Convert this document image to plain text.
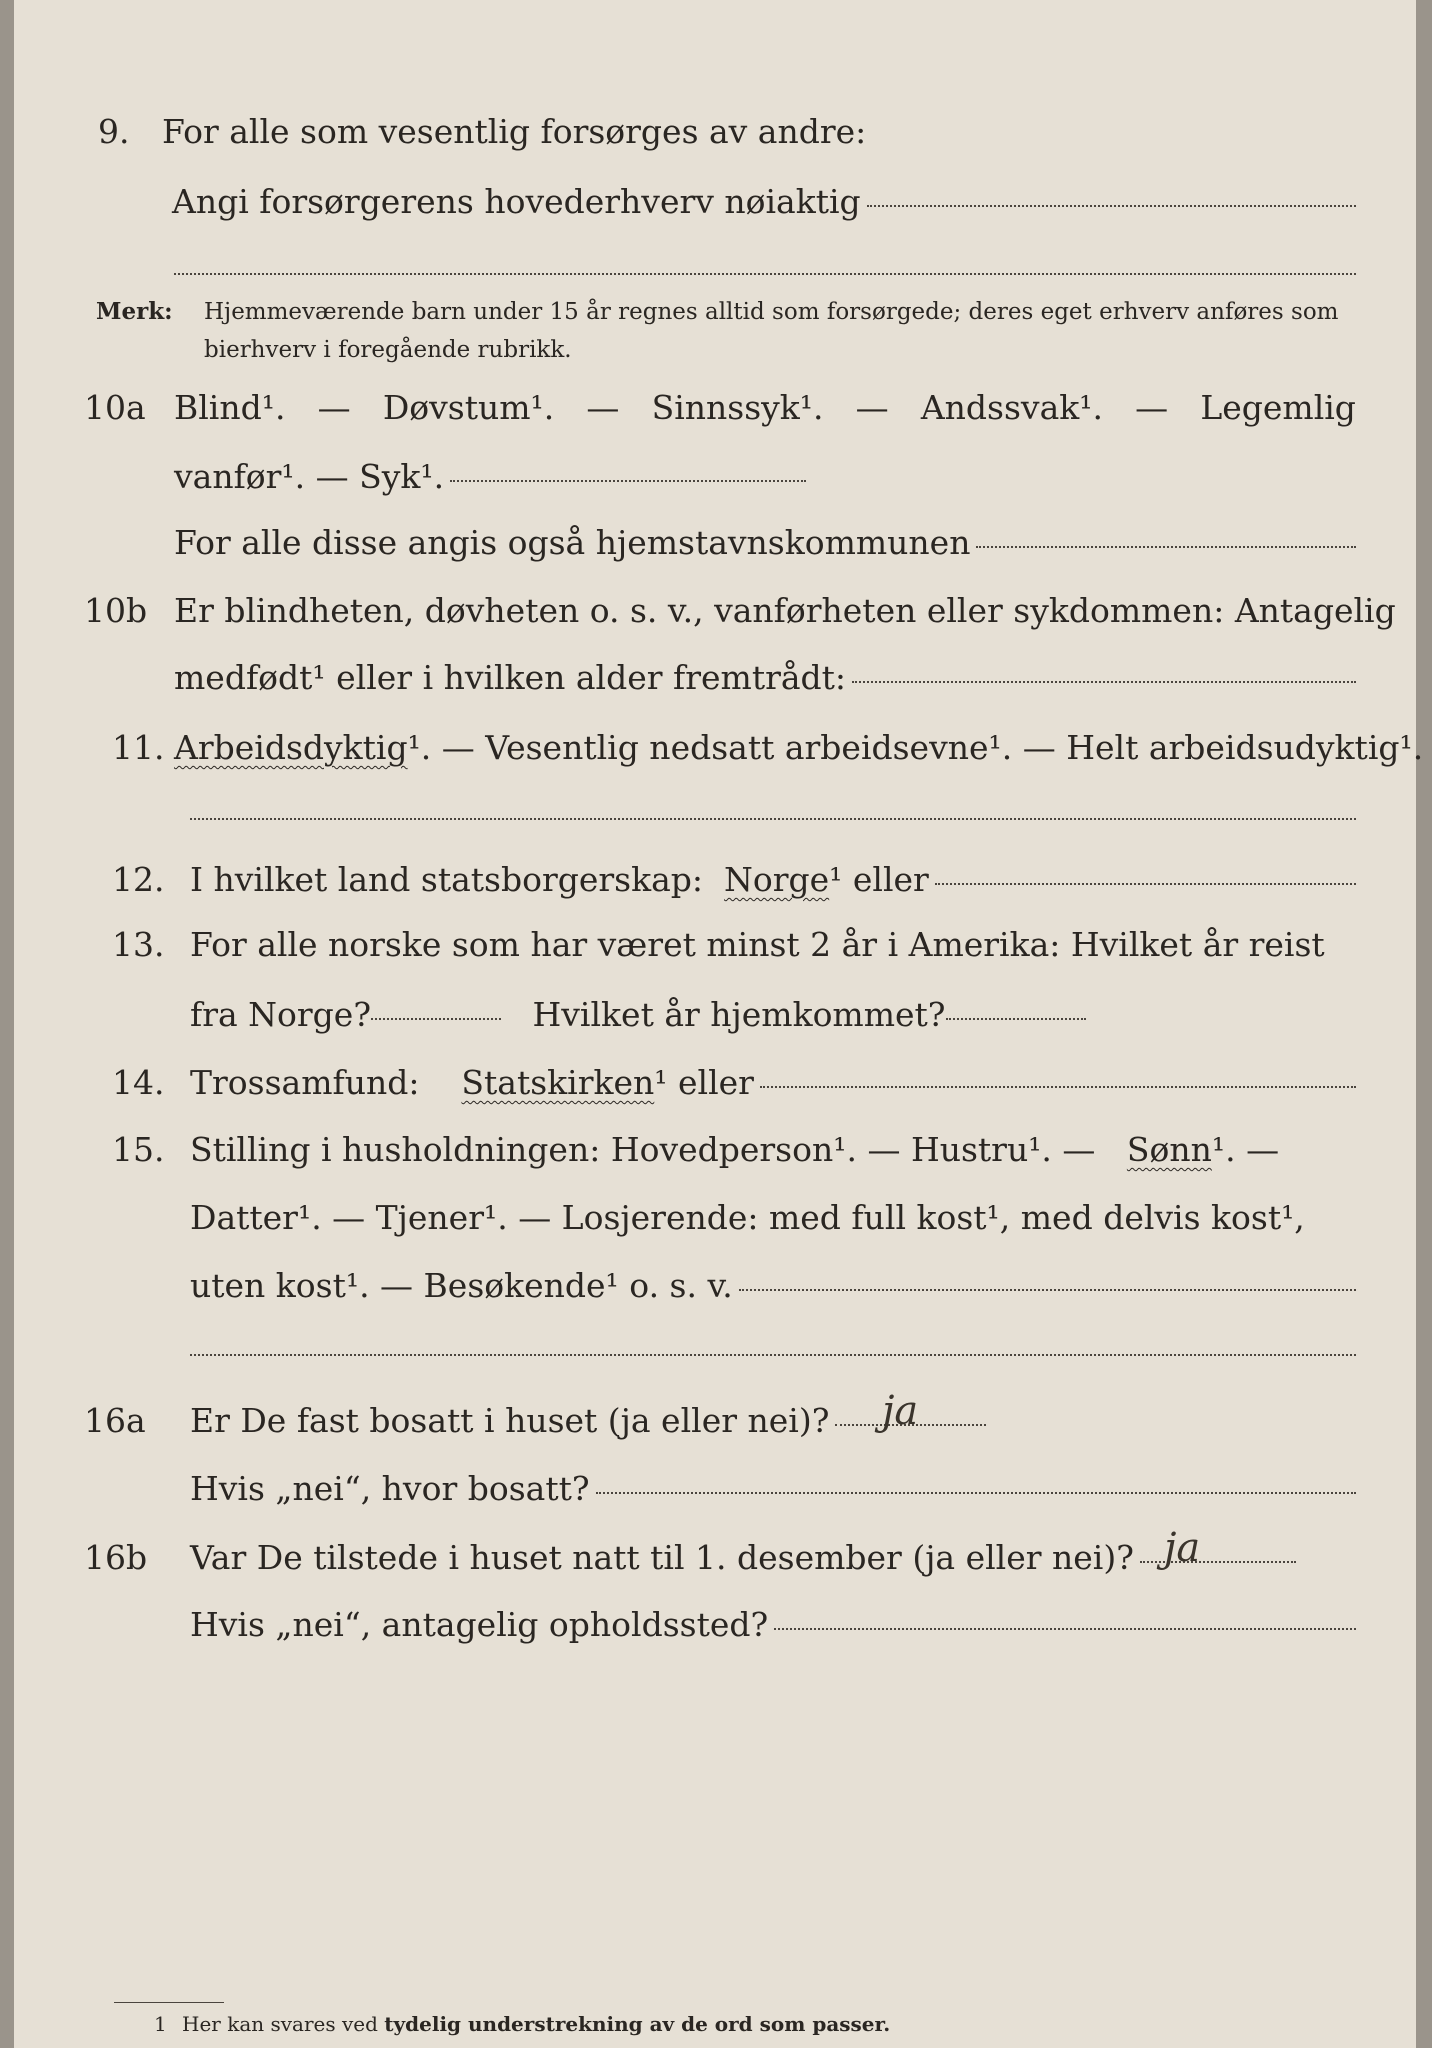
9. For alle som vesentlig forsørges av andre:
Angi forsørgerens hovederhverv nøiaktig
Merk: Hjemmeværende barn under 15 år regnes alltid som forsørgede; deres eget erhverv anføres som bierhverv i foregående rubrikk.
10a Blind¹. — Døvstum¹. — Sinnssyk¹. — Andssvak¹. — Legemlig
vanfør¹. — Syk¹.
For alle disse angis også hjemstavnskommunen
10b Er blindheten, døvheten o. s. v., vanførheten eller sykdommen: Antagelig
medfødt¹ eller i hvilken alder fremtrådt:
11. Arbeidsdyktig ¹. — Vesentlig nedsatt arbeidsevne¹. — Helt arbeidsudyktig¹.
12. I hvilket land statsborgerskap:
Norge ¹ eller
13. For alle norske som har været minst 2 år i Amerika: Hvilket år reist
fra Norge?
	Hvilket år hjemkommet?
14. Trossamfund:
Statskirken ¹ eller
15. Stilling i husholdningen: Hovedperson¹. — Hustru¹. —
Sønn ¹. —
Datter¹. — Tjener¹. — Losjerende: med full kost¹, med delvis kost¹,
uten kost¹. — Besøkende¹ o. s. v.
16a Er De fast bosatt i huset (ja eller nei)? ja
Hvis „nei“, hvor bosatt?
16b Var De tilstede i huset natt til 1. desember (ja eller nei)? ja
Hvis „nei“, antagelig opholdssted?
1 Her kan svares ved tydelig understrekning av de ord som passer.
